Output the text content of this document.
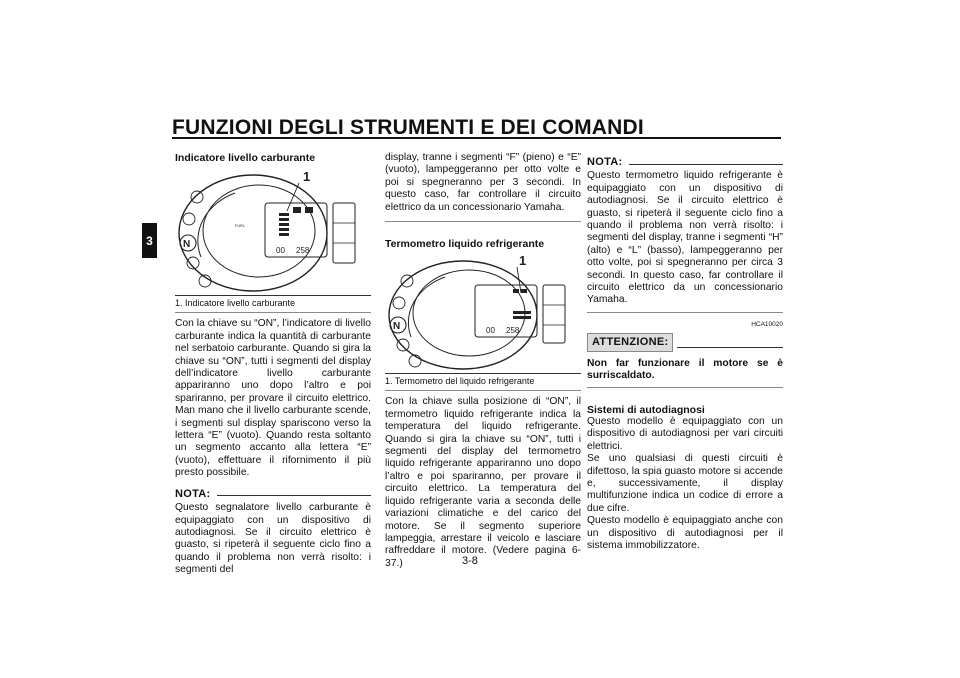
FUNZIONI DEGLI STRUMENTI E DEI COMANDI
3
Indicatore livello carburante
1
N
00 258
FUEL

1. Indicatore livello carburante

Con la chiave su “ON”, l’indicatore di livello carburante indica la quantità di carburante nel serbatoio carburante. Quando si gira la chiave su “ON”, tutti i segmenti del display dell’indicatore livello carburante appariranno uno dopo l’altro e poi spariranno, per provare il circuito elettrico. Man mano che il livello carburante scende, i segmenti sul display spariscono verso la lettera “E” (vuoto). Quando resta soltanto un segmento accanto alla lettera “E” (vuoto), effettuare il rifornimento il più presto possibile.

NOTA:

Questo segnalatore livello carburante è equipaggiato con un dispositivo di autodiagnosi. Se il circuito elettrico è guasto, si ripeterà il seguente ciclo fino a quando il problema non verrà risolto: i segmenti del

display, tranne i segmenti “F” (pieno) e “E” (vuoto), lampeggeranno per otto volte e poi si spegneranno per 3 secondi. In questo caso, far controllare il circuito elettrico da un concessionario Yamaha.

Termometro liquido refrigerante
1
N	00 258

1. Termometro del liquido refrigerante

Con la chiave sulla posizione di “ON”, il termometro liquido refrigerante indica la temperatura del liquido refrigerante. Quando si gira la chiave su “ON”, tutti i segmenti del display del termometro liquido refrigerante appariranno uno dopo l’altro e poi spariranno, per provare il circuito elettrico. La temperatura del liquido refrigerante varia a seconda delle variazioni climatiche e del carico del motore. Se il segmento superiore lampeggia, arrestare il veicolo e lasciare raffreddare il motore. (Vedere pagina 6-37.)

NOTA:

Questo termometro liquido refrigerante è equipaggiato con un dispositivo di autodiagnosi. Se il circuito elettrico è guasto, si ripeterà il seguente ciclo fino a quando il problema non verrà risolto: i segmenti del display, tranne i segmenti “H” (alto) e “L” (basso), lampeggeranno per otto volte, poi si spegneranno per circa 3 secondi. In questo caso, far controllare il circuito elettrico da un concessionario Yamaha.

HCA10020
ATTENZIONE:

Non far funzionare il motore se è surriscaldato.

Sistemi di autodiagnosi

Questo modello è equipaggiato con un dispositivo di autodiagnosi per vari circuiti elettrici.

Se uno qualsiasi di questi circuiti è difettoso, la spia guasto motore si accende e, successivamente, il display multifunzione indica un codice di errore a due cifre.

Questo modello è equipaggiato anche con un dispositivo di autodiagnosi per il sistema immobilizzatore.

3-8
